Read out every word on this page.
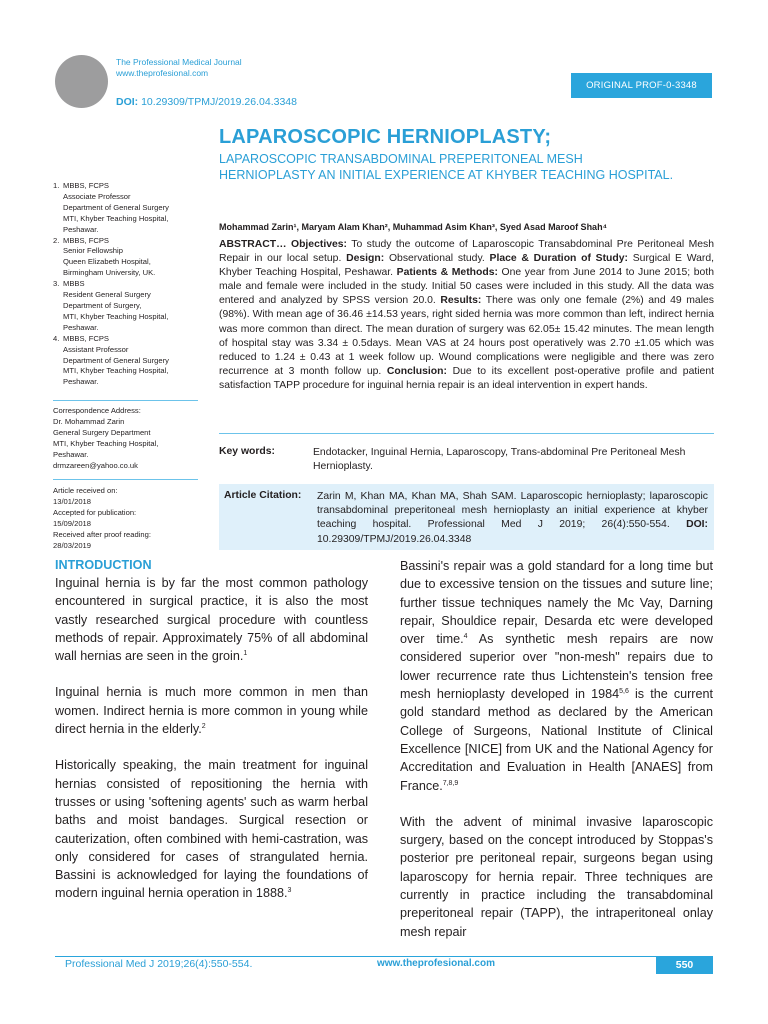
The Professional Medical Journal
www.theprofesional.com
DOI: 10.29309/TPMJ/2019.26.04.3348
ORIGINAL PROF-0-3348
LAPAROSCOPIC HERNIOPLASTY;
LAPAROSCOPIC TRANSABDOMINAL PREPERITONEAL MESH HERNIOPLASTY AN INITIAL EXPERIENCE AT KHYBER TEACHING HOSPITAL.
Mohammad Zarin¹, Maryam Alam Khan², Muhammad Asim Khan³, Syed Asad Maroof Shah⁴
ABSTRACT… Objectives: To study the outcome of Laparoscopic Transabdominal Pre Peritoneal Mesh Repair in our local setup. Design: Observational study. Place & Duration of Study: Surgical E Ward, Khyber Teaching Hospital, Peshawar. Patients & Methods: One year from June 2014 to June 2015; both male and female were included in the study. Initial 50 cases were included in this study. All the data was entered and analyzed by SPSS version 20.0. Results: There was only one female (2%) and 49 males (98%). With mean age of 36.46 ±14.53 years, right sided hernia was more common than left, indirect hernia was more common than direct. The mean duration of surgery was 62.05± 15.42 minutes. The mean length of hospital stay was 3.34 ± 0.5days. Mean VAS at 24 hours post operatively was 2.70 ±1.05 which was reduced to 1.24 ± 0.43 at 1 week follow up. Wound complications were negligible and there was zero recurrence at 3 month follow up. Conclusion: Due to its excellent post-operative profile and patient satisfaction TAPP procedure for inguinal hernia repair is an ideal intervention in expert hands.
Key words:	Endotacker, Inguinal Hernia, Laparoscopy, Trans-abdominal Pre Peritoneal Mesh Hernioplasty.
Article Citation: Zarin M, Khan MA, Khan MA, Shah SAM. Laparoscopic hernioplasty; laparoscopic transabdominal preperitoneal mesh hernioplasty an initial experience at khyber teaching hospital. Professional Med J 2019; 26(4):550-554. DOI: 10.29309/TPMJ/2019.26.04.3348
1. MBBS, FCPS
Associate Professor
Department of General Surgery
MTI, Khyber Teaching Hospital,
Peshawar.
2. MBBS, FCPS
Senior Fellowship
Queen Elizabeth Hospital,
Birmingham University, UK.
3. MBBS
Resident General Surgery
Department of Surgery,
MTI, Khyber Teaching Hospital,
Peshawar.
4. MBBS, FCPS
Assistant Professor
Department of General Surgery
MTI, Khyber Teaching Hospital,
Peshawar.
Correspondence Address:
Dr. Mohammad Zarin
General Surgery Department
MTI, Khyber Teaching Hospital,
Peshawar.
drmzareen@yahoo.co.uk
Article received on:
13/01/2018
Accepted for publication:
15/09/2018
Received after proof reading:
28/03/2019
INTRODUCTION

Inguinal hernia is by far the most common pathology encountered in surgical practice, it is also the most vastly researched surgical procedure with countless methods of repair. Approximately 75% of all abdominal wall hernias are seen in the groin.$^1$

Inguinal hernia is much more common in men than women. Indirect hernia is more common in young while direct hernia in the elderly.$^2$

Historically speaking, the main treatment for inguinal hernias consisted of repositioning the hernia with trusses or using 'softening agents' such as warm herbal baths and moist bandages. Surgical resection or cauterization, often combined with hemi-castration, was only considered for cases of strangulated hernia. Bassini is acknowledged for laying the foundations of modern inguinal hernia operation in 1888.$^3$

Bassini's repair was a gold standard for a long time but due to excessive tension on the tissues and suture line; further tissue techniques namely the Mc Vay, Darning repair, Shouldice repair, Desarda etc were developed over time.$^4$ As synthetic mesh repairs are now considered superior over "non-mesh" repairs due to lower recurrence rate thus Lichtenstein's tension free mesh hernioplasty developed in 1984$^{5,6}$ is the current gold standard method as declared by the American College of Surgeons, National Institute of Clinical Excellence [NICE] from UK and the National Agency for Accreditation and Evaluation in Health [ANAES] from France.$^{7,8,9}$

With the advent of minimal invasive laparoscopic surgery, based on the concept introduced by Stoppas's posterior pre peritoneal repair, surgeons began using laparoscopy for hernia repair. Three techniques are currently in practice including the transabdominal preperitoneal repair (TAPP), the intraperitoneal onlay mesh repair

Professional Med J 2019;26(4):550-554.	www.theprofesional.com	550
